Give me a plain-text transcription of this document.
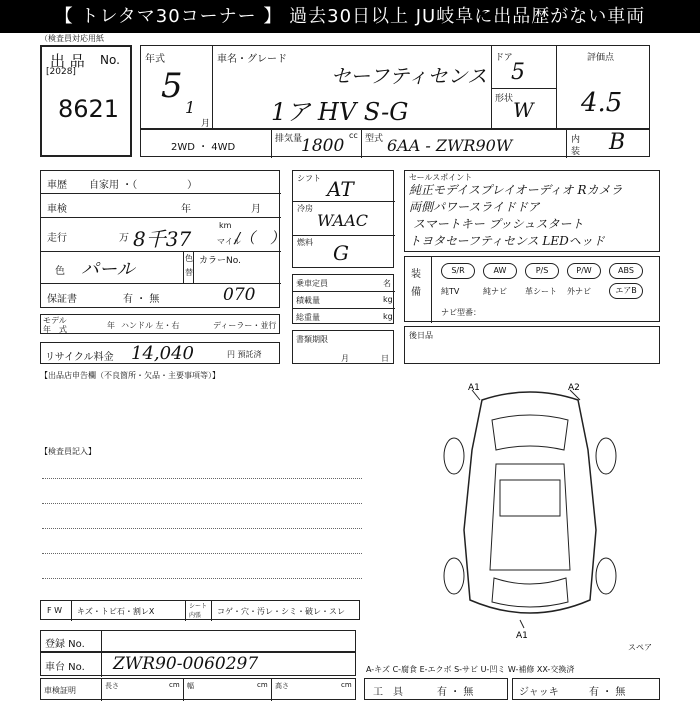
【 トレタマ30コーナー 】 過去30日以上 JU岐阜に出品歴がない車両
（検査員対応用紙
出 品 No.
[2028]
8621
年式
5
1
月
車名・グレード
セーフティセンス
1ア HV S-G
ドア
5
形状 W
評価点
4.5
2WD ・ 4WD
排気量	cc
1800 型式 6AA - ZWR90W	内
装 B
車歴 自家用 ・（　　　　　）
車検	年	月
走行	万 8千37
km
マイル
/（　）
色 パール
色
替
カラーNo.
保証書	有 ・ 無	070
モデル
年　式	年 ハンドル 左・右	ディーラー・並行
リサイクル料金 14,040	円 預託済
【出品店申告欄（不良箇所・欠品・主要事項等）】
【検査員記入】
シフト AT
冷房
WAAC
燃料 G
乗車定員	名
積載量	kg
総重量	kg
書類期限
月	日
セールスポイント
純正モデイスプレイオーディオ Rカメラ
両側パワースライドドア
スマートキー プッシュスタート
トヨタセーフティセンス LEDヘッド
装
備
S/R	AW	P/S	P/W	ABS
純TV	純ナビ 革シート 外ナビ	エアB
ナビ型番：
後日品
A1	A2
A1
スペア
F W キズ・トビ石・割レX
シート
内張 コゲ・穴・汚レ・シミ・破レ・スレ
登録 No.
車台 No. ZWR90-0060297	A-キズ C-腐食 E-エクボ S-サビ U-凹ミ W-補修 XX-交換済
車検証明	長さ	cm 幅	cm 高さ	cm
工　具	有 ・ 無	ジャッキ	有 ・ 無
